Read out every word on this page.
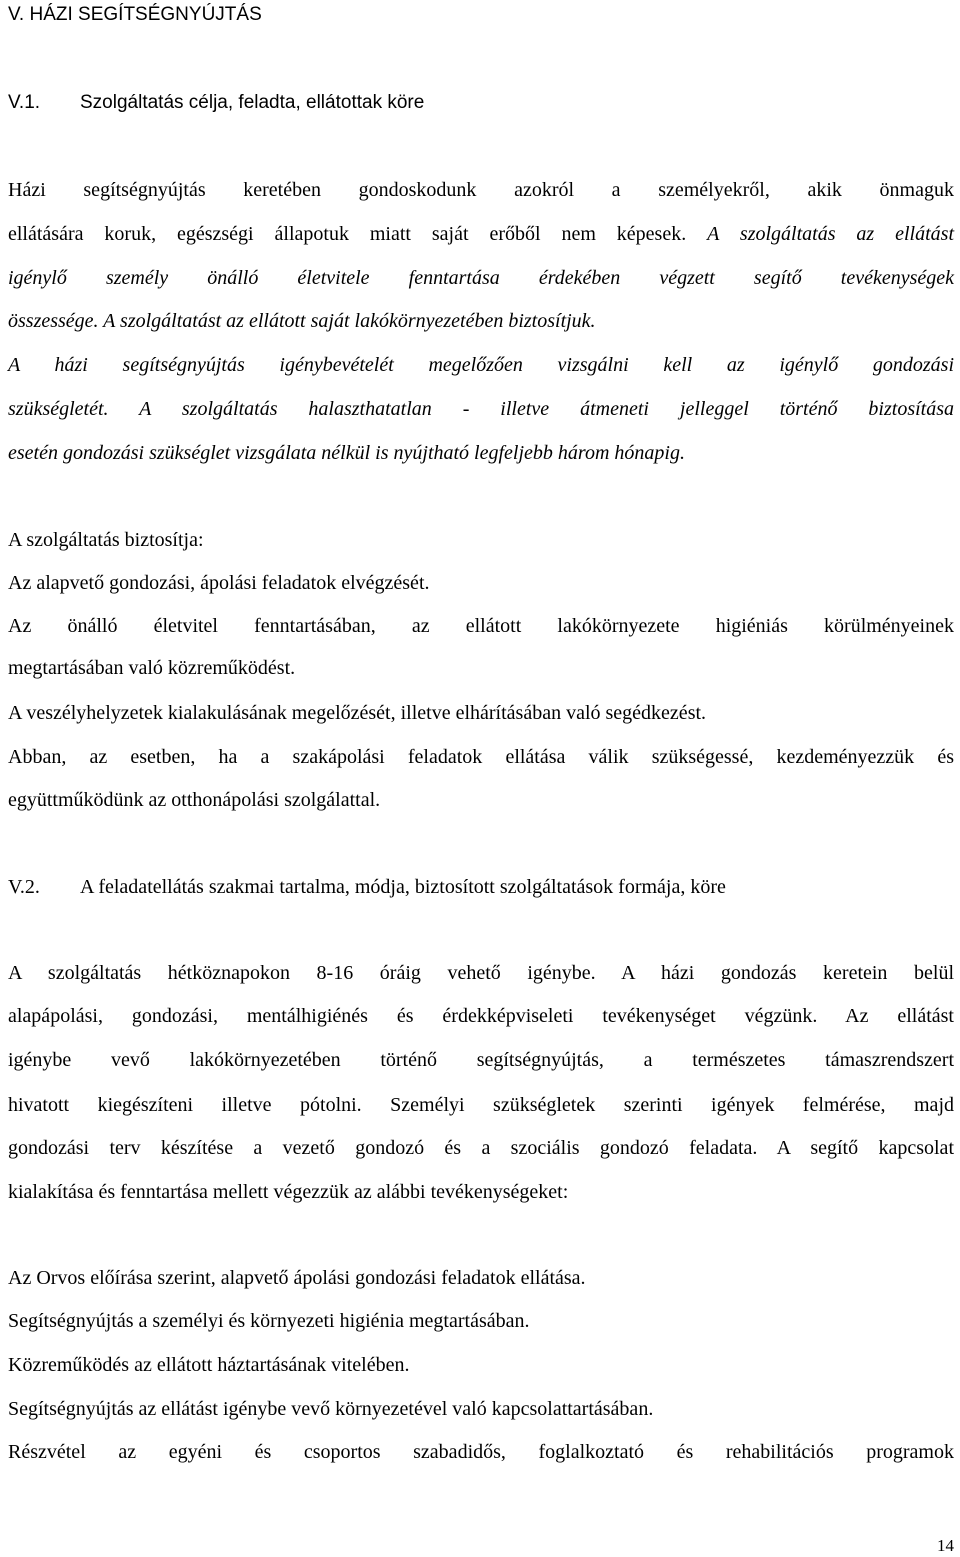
V. HÁZI SEGÍTSÉGNYÚJTÁS
V.1. Szolgáltatás célja, feladta, ellátottak köre
Házi segítségnyújtás keretében gondoskodunk azokról a személyekről, akik önmaguk
ellátására koruk, egészségi állapotuk miatt saját erőből nem képesek. A szolgáltatás az ellátást
igénylő személy önálló életvitele fenntartása érdekében végzett segítő tevékenységek
összessége. A szolgáltatást az ellátott saját lakókörnyezetében biztosítjuk.
A házi segítségnyújtás igénybevételét megelőzően vizsgálni kell az igénylő gondozási
szükségletét. A szolgáltatás halaszthatatlan - illetve átmeneti jelleggel történő biztosítása
esetén gondozási szükséglet vizsgálata nélkül is nyújtható legfeljebb három hónapig.
A szolgáltatás biztosítja:
Az alapvető gondozási, ápolási feladatok elvégzését.
Az önálló életvitel fenntartásában, az ellátott lakókörnyezete higiéniás körülményeinek
megtartásában való közreműködést.
A veszélyhelyzetek kialakulásának megelőzését, illetve elhárításában való segédkezést.
Abban, az esetben, ha a szakápolási feladatok ellátása válik szükségessé, kezdeményezzük és
együttműködünk az otthonápolási szolgálattal.
V.2. A feladatellátás szakmai tartalma, módja, biztosított szolgáltatások formája, köre
A szolgáltatás hétköznapokon 8-16 óráig vehető igénybe. A házi gondozás keretein belül
alapápolási, gondozási, mentálhigiénés és érdekképviseleti tevékenységet végzünk. Az ellátást
igénybe vevő lakókörnyezetében történő segítségnyújtás, a természetes támaszrendszert
hivatott kiegészíteni illetve pótolni. Személyi szükségletek szerinti igények felmérése, majd
gondozási terv készítése a vezető gondozó és a szociális gondozó feladata. A segítő kapcsolat
kialakítása és fenntartása mellett végezzük az alábbi tevékenységeket:
Az Orvos előírása szerint, alapvető ápolási gondozási feladatok ellátása.
Segítségnyújtás a személyi és környezeti higiénia megtartásában.
Közreműködés az ellátott háztartásának vitelében.
Segítségnyújtás az ellátást igénybe vevő környezetével való kapcsolattartásában.
Részvétel az egyéni és csoportos szabadidős, foglalkoztató és rehabilitációs programok
14
